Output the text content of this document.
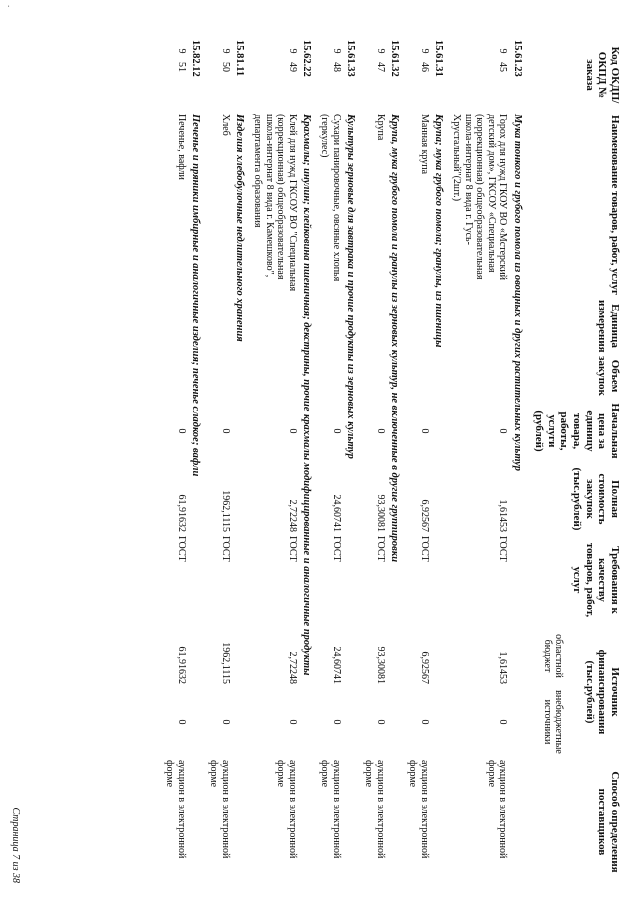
Код ОКДП/ ОКПД № заказа	Наименование товаров, работ, услуг	Единица измерения	Объем закупок	Начальная цена за единицу товара, работы, услуги (рублей)	Полная стоимость закупок (тыс.рублей)	Требования к качеству товаров, работ, услуг	Источник финансирования (тыс.рублей)		Способ определения поставщиков
							областной бюджет	внебюджетные источники	
15.61.23	Мука тонкого и грубого помола из овощных и других растительных культур								
945	Горох для нужд ГКОУ ВО «Мстерский детский дом», ГКСОУ «Специальная (коррекционная) общеобразовательная школа-интернат 8 вида г. Гусь-Хрустальный"(2шт.)			0	1,61453	ГОСТ	1,61453	0	аукцион в электронной форме
15.61.31	Крупа; мука грубого помола; гранулы, из пшеницы								
946	Манная крупа			0	6,92567	ГОСТ	6,92567	0	аукцион в электронной форме
15.61.32	Крупа, мука грубого помола и гранулы из зерновых культур, не включенные в другие группировки								
947	Крупа			0	93,30081	ГОСТ	93,30081	0	аукцион в электронной форме
15.61.33	Культуры зерновые для завтрака и прочие продукты из зерновых культур								
948	Сухари панировочные, овсяные хлопья (геркулес)			0	24,60741	ГОСТ	24,60741	0	аукцион в электронной форме
15.62.22	Крахмалы; инулин; клейковина пшеничная; декстрины, прочие крахмалы модифицированные и аналогичные продукты								
949	Клей для нужд ГКСОУ ВО "Специальная (коррекционная) общеобразовательная школа-интернат 8 вида г. Камешково", департамента образования			0	2,72248	ГОСТ	2,72248	0	аукцион в электронной форме
15.81.11	Изделия хлебобулочные недлительного хранения								
950	Хлеб			0	1962,1115	ГОСТ	1962,1115	0	аукцион в электронной форме
15.82.12	Печенье и пряники имбирные и аналогичные изделия; печенье сладкое; вафли								
951	Печенье, вафли			0	61,91632	ГОСТ	61,91632	0	аукцион в электронной форме
Страница 7 из 38
.
